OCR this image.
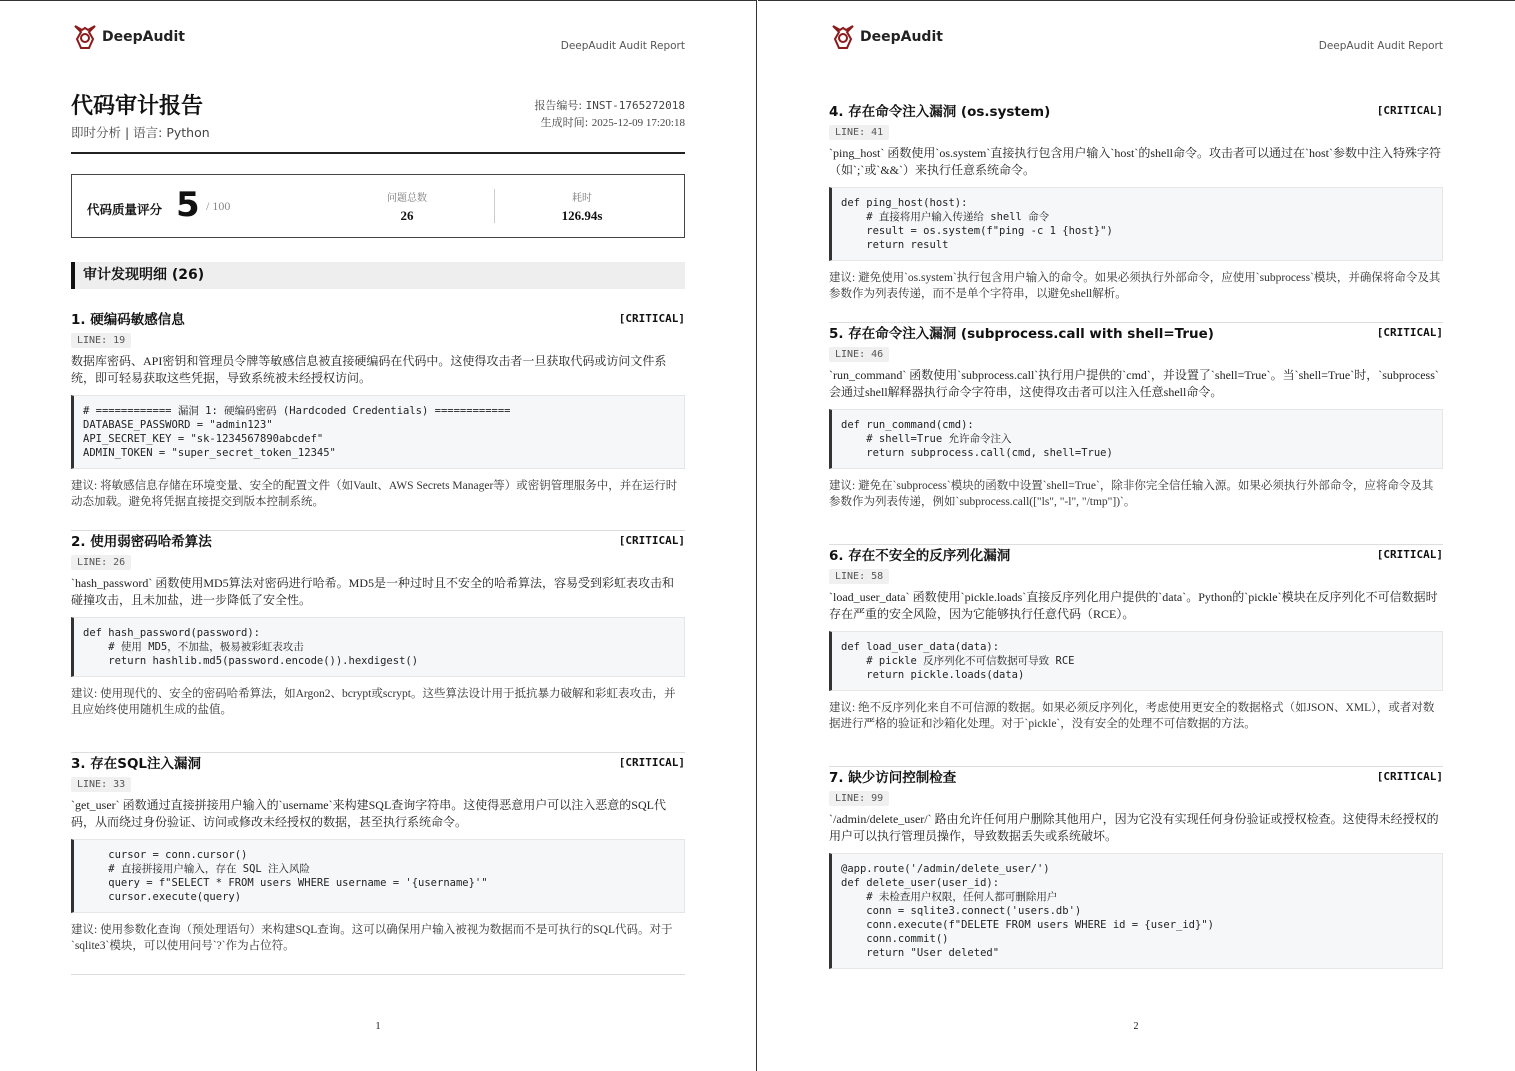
DeepAudit
DeepAudit Audit Report
代码审计报告
即时分析 | 语言: Python
报告编号: INST-1765272018
生成时间: 2025-12-09 17:20:18
代码质量评分 5 / 100
问题总数
26
耗时
126.94s
审计发现明细 (26)
1. 硬编码敏感信息	[CRITICAL]
LINE: 19
数据库密码、API密钥和管理员令牌等敏感信息被直接硬编码在代码中。这使得攻击者一旦获取代码或访问文件系统，即可轻易获取这些凭据，导致系统被未经授权访问。
# ============ 漏洞 1: 硬编码密码 (Hardcoded Credentials) ============
DATABASE_PASSWORD = "admin123"
API_SECRET_KEY = "sk-1234567890abcdef"
ADMIN_TOKEN = "super_secret_token_12345"
建议: 将敏感信息存储在环境变量、安全的配置文件（如Vault、AWS Secrets Manager等）或密钥管理服务中，并在运行时动态加载。避免将凭据直接提交到版本控制系统。
2. 使用弱密码哈希算法	[CRITICAL]
LINE: 26
`hash_password` 函数使用MD5算法对密码进行哈希。MD5是一种过时且不安全的哈希算法，容易受到彩虹表攻击和碰撞攻击，且未加盐，进一步降低了安全性。
def hash_password(password):
# 使用 MD5，不加盐，极易被彩虹表攻击
return hashlib.md5(password.encode()).hexdigest()
建议: 使用现代的、安全的密码哈希算法，如Argon2、bcrypt或scrypt。这些算法设计用于抵抗暴力破解和彩虹表攻击，并且应始终使用随机生成的盐值。
3. 存在SQL注入漏洞	[CRITICAL]
LINE: 33
`get_user` 函数通过直接拼接用户输入的`username`来构建SQL查询字符串。这使得恶意用户可以注入恶意的SQL代码，从而绕过身份验证、访问或修改未经授权的数据，甚至执行系统命令。
cursor = conn.cursor()
# 直接拼接用户输入，存在 SQL 注入风险
query = f"SELECT * FROM users WHERE username = '{username}'"
cursor.execute(query)
建议: 使用参数化查询（预处理语句）来构建SQL查询。这可以确保用户输入被视为数据而不是可执行的SQL代码。对于`sqlite3`模块，可以使用问号`?`作为占位符。
1
DeepAudit
DeepAudit Audit Report
4. 存在命令注入漏洞 (os.system)	[CRITICAL]
LINE: 41
`ping_host` 函数使用`os.system`直接执行包含用户输入`host`的shell命令。攻击者可以通过在`host`参数中注入特殊字符（如`;`或`&&`）来执行任意系统命令。
def ping_host(host):
# 直接将用户输入传递给 shell 命令
result = os.system(f"ping -c 1 {host}")
return result
建议: 避免使用`os.system`执行包含用户输入的命令。如果必须执行外部命令，应使用`subprocess`模块，并确保将命令及其参数作为列表传递，而不是单个字符串，以避免shell解析。
5. 存在命令注入漏洞 (subprocess.call with shell=True)	[CRITICAL]
LINE: 46
`run_command` 函数使用`subprocess.call`执行用户提供的`cmd`，并设置了`shell=True`。当`shell=True`时，`subprocess`会通过shell解释器执行命令字符串，这使得攻击者可以注入任意shell命令。
def run_command(cmd):
# shell=True 允许命令注入
return subprocess.call(cmd, shell=True)
建议: 避免在`subprocess`模块的函数中设置`shell=True`，除非你完全信任输入源。如果必须执行外部命令，应将命令及其参数作为列表传递，例如`subprocess.call(["ls", "-l", "/tmp"])`。
6. 存在不安全的反序列化漏洞	[CRITICAL]
LINE: 58
`load_user_data` 函数使用`pickle.loads`直接反序列化用户提供的`data`。Python的`pickle`模块在反序列化不可信数据时存在严重的安全风险，因为它能够执行任意代码（RCE）。
def load_user_data(data):
# pickle 反序列化不可信数据可导致 RCE
return pickle.loads(data)
建议: 绝不反序列化来自不可信源的数据。如果必须反序列化，考虑使用更安全的数据格式（如JSON、XML），或者对数据进行严格的验证和沙箱化处理。对于`pickle`，没有安全的处理不可信数据的方法。
7. 缺少访问控制检查	[CRITICAL]
LINE: 99
`/admin/delete_user/` 路由允许任何用户删除其他用户，因为它没有实现任何身份验证或授权检查。这使得未经授权的用户可以执行管理员操作，导致数据丢失或系统破坏。
@app.route('/admin/delete_user/')
def delete_user(user_id):
# 未检查用户权限，任何人都可删除用户
conn = sqlite3.connect('users.db')
conn.execute(f"DELETE FROM users WHERE id = {user_id}")
conn.commit()
return "User deleted"
2
